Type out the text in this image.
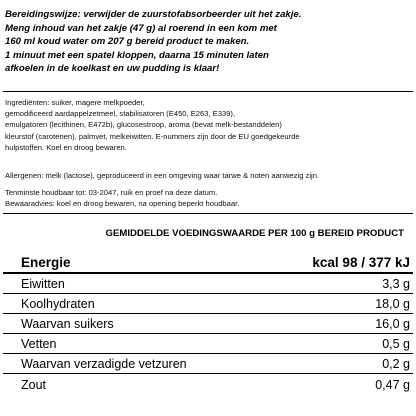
Bereidingswijze: verwijder de zuurstofabsorbeerder uit het zakje.
Meng inhoud van het zakje (47 g) al roerend in een kom met
160 ml koud water om 207 g bereid product te maken.
1 minuut met een spatel kloppen, daarna 15 minuten laten
afkoelen in de koelkast en uw pudding is klaar!
Ingrediënten: suiker, magere melkpoeder,
gemodificeerd aardappelzetmeel, stabilisatoren (E450, E263, E339),
emulgatoren (lecithinen, E472b), glucosestroop, aroma (bevat melk-bestanddelen)
kleurstof (carotenen), palmvet, melkeiwitten. E-nummers zijn door de EU goedgekeurde
hulpstoffen. Koel en droog bewaren.
Allergenen: melk (lactose), geproduceerd in een omgeving waar tarwe & noten aanwezig zijn.
Tenminste houdbaar tot: 03-2047, ruik en proef na deze datum.
Bewaaradvies: koel en droog bewaren, na opening beperkt houdbaar.
GEMIDDELDE VOEDINGSWAARDE PER 100 g BEREID PRODUCT
Energie	kcal 98 / 377 kJ
Eiwitten	3,3 g
Koolhydraten	18,0 g
Waarvan suikers	16,0 g
Vetten	0,5 g
Waarvan verzadigde vetzuren	0,2 g
Zout	0,47 g
